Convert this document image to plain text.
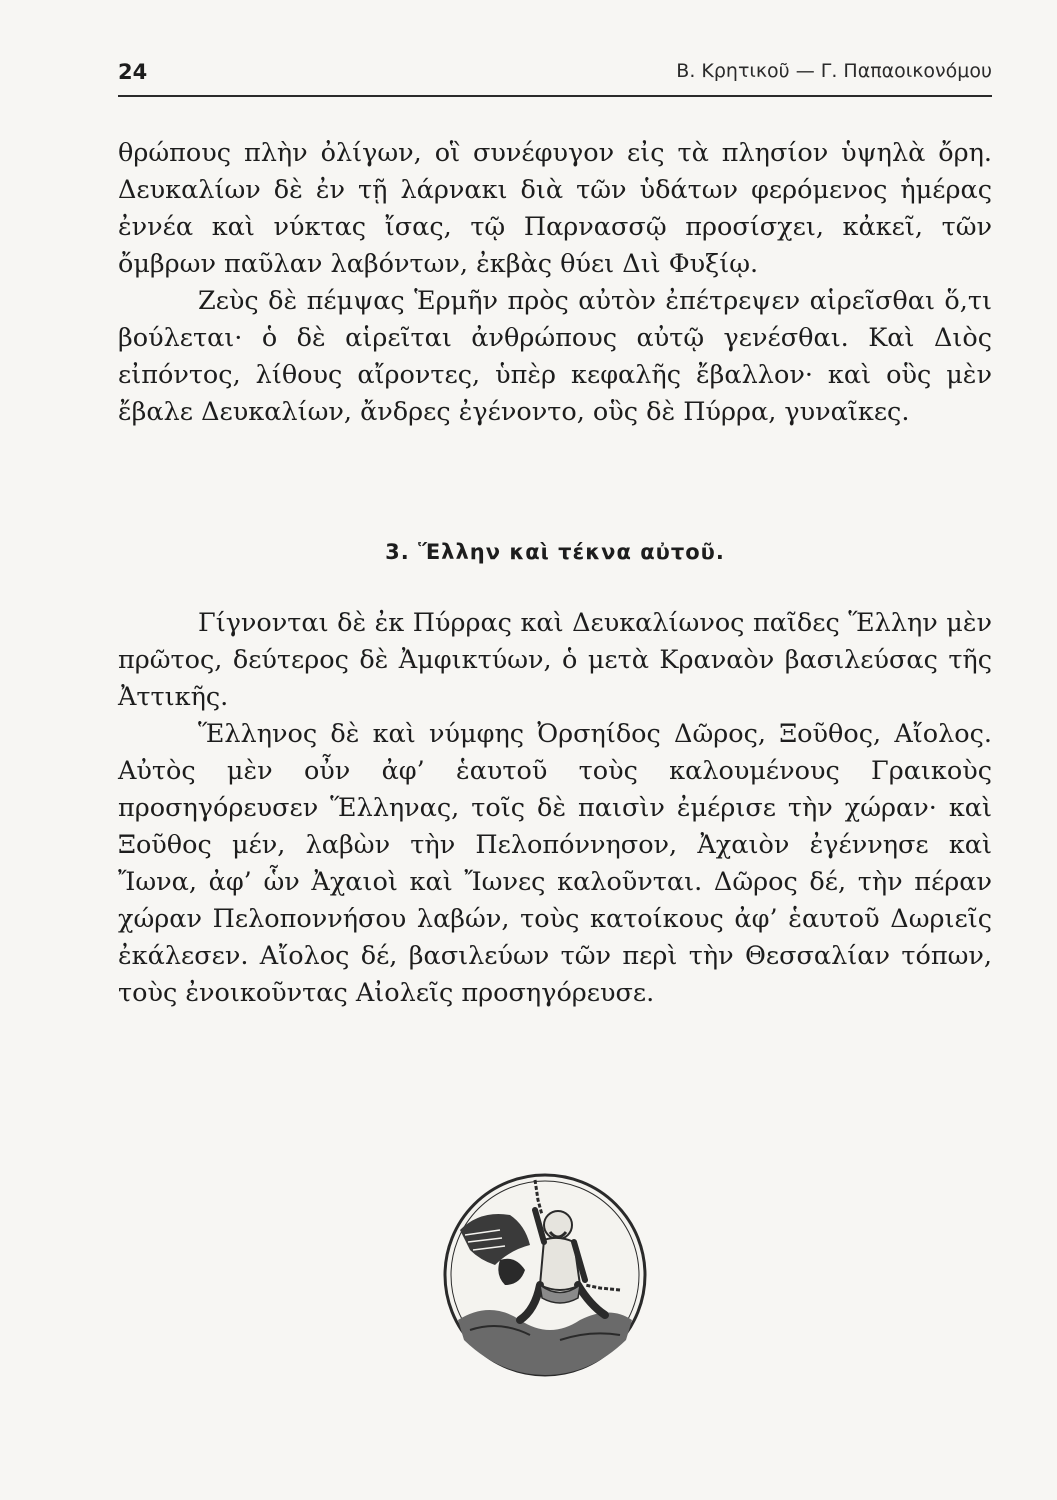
24	Β. Κρητικοῦ — Γ. Παπαοικονόμου

θρώπους πλὴν ὀλίγων, οἳ συνέφυγον εἰς τὰ πλησίον ὑψηλὰ ὄρη. Δευκαλίων δὲ ἐν τῇ λάρνακι διὰ τῶν ὑδάτων φερόμενος ἡμέρας ἐννέα καὶ νύκτας ἴσας, τῷ Παρνασσῷ προσίσχει, κἀκεῖ, τῶν ὄμβρων παῦλαν λαβόντων, ἐκβὰς θύει Διὶ Φυξίῳ.

Ζεὺς δὲ πέμψας Ἑρμῆν πρὸς αὐτὸν ἐπέτρεψεν αἱρεῖσθαι ὅ,τι βούλεται· ὁ δὲ αἱρεῖται ἀνθρώπους αὐτῷ γενέσθαι. Καὶ Διὸς εἰπόντος, λίθους αἴροντες, ὑπὲρ κεφαλῆς ἔβαλλον· καὶ οὓς μὲν ἔβαλε Δευκαλίων, ἄνδρες ἐγένοντο, οὓς δὲ Πύρρα, γυναῖκες.

3. Ἕλλην καὶ τέκνα αὐτοῦ.

Γίγνονται δὲ ἐκ Πύρρας καὶ Δευκαλίωνος παῖδες Ἕλλην μὲν πρῶτος, δεύτερος δὲ Ἀμφικτύων, ὁ μετὰ Κραναὸν βασιλεύσας τῆς Ἀττικῆς.

Ἕλληνος δὲ καὶ νύμφης Ὀρσηίδος Δῶρος, Ξοῦθος, Αἴολος. Αὐτὸς μὲν οὖν ἀφ’ ἑαυτοῦ τοὺς καλουμένους Γραικοὺς προσηγόρευσεν Ἕλληνας, τοῖς δὲ παισὶν ἐμέρισε τὴν χώραν· καὶ Ξοῦθος μέν, λαβὼν τὴν Πελοπόννησον, Ἀχαιὸν ἐγέννησε καὶ Ἴωνα, ἀφ’ ὧν Ἀχαιοὶ καὶ Ἴωνες καλοῦνται. Δῶρος δέ, τὴν πέραν χώραν Πελοποννήσου λαβών, τοὺς κατοίκους ἀφ’ ἑαυτοῦ Δωριεῖς ἐκάλεσεν. Αἴολος δέ, βασιλεύων τῶν περὶ τὴν Θεσσαλίαν τόπων, τοὺς ἐνοικοῦντας Αἰολεῖς προσηγόρευσε.
